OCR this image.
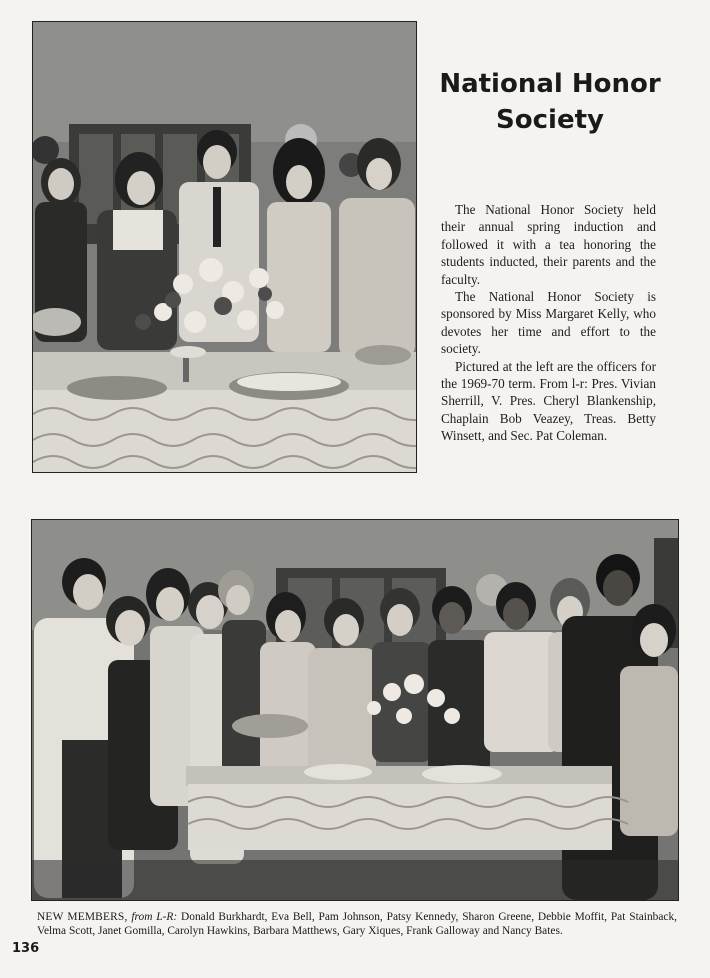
National Honor
Society

The National Honor Society held their annual spring induction and followed it with a tea honoring the students inducted, their parents and the faculty.

The National Honor Society is sponsored by Miss Margaret Kelly, who devotes her time and effort to the society.

Pictured at the left are the officers for the 1969-70 term. From l-r: Pres. Vivian Sherrill, V. Pres. Cheryl Blankenship, Chaplain Bob Veazey, Treas. Betty Winsett, and Sec. Pat Coleman.

NEW MEMBERS, from L-R: Donald Burkhardt, Eva Bell, Pam Johnson, Patsy Kennedy, Sharon Greene, Debbie Moffit, Pat Stainback, Velma Scott, Janet Gomilla, Carolyn Hawkins, Barbara Matthews, Gary Xiques, Frank Galloway and Nancy Bates.
136
